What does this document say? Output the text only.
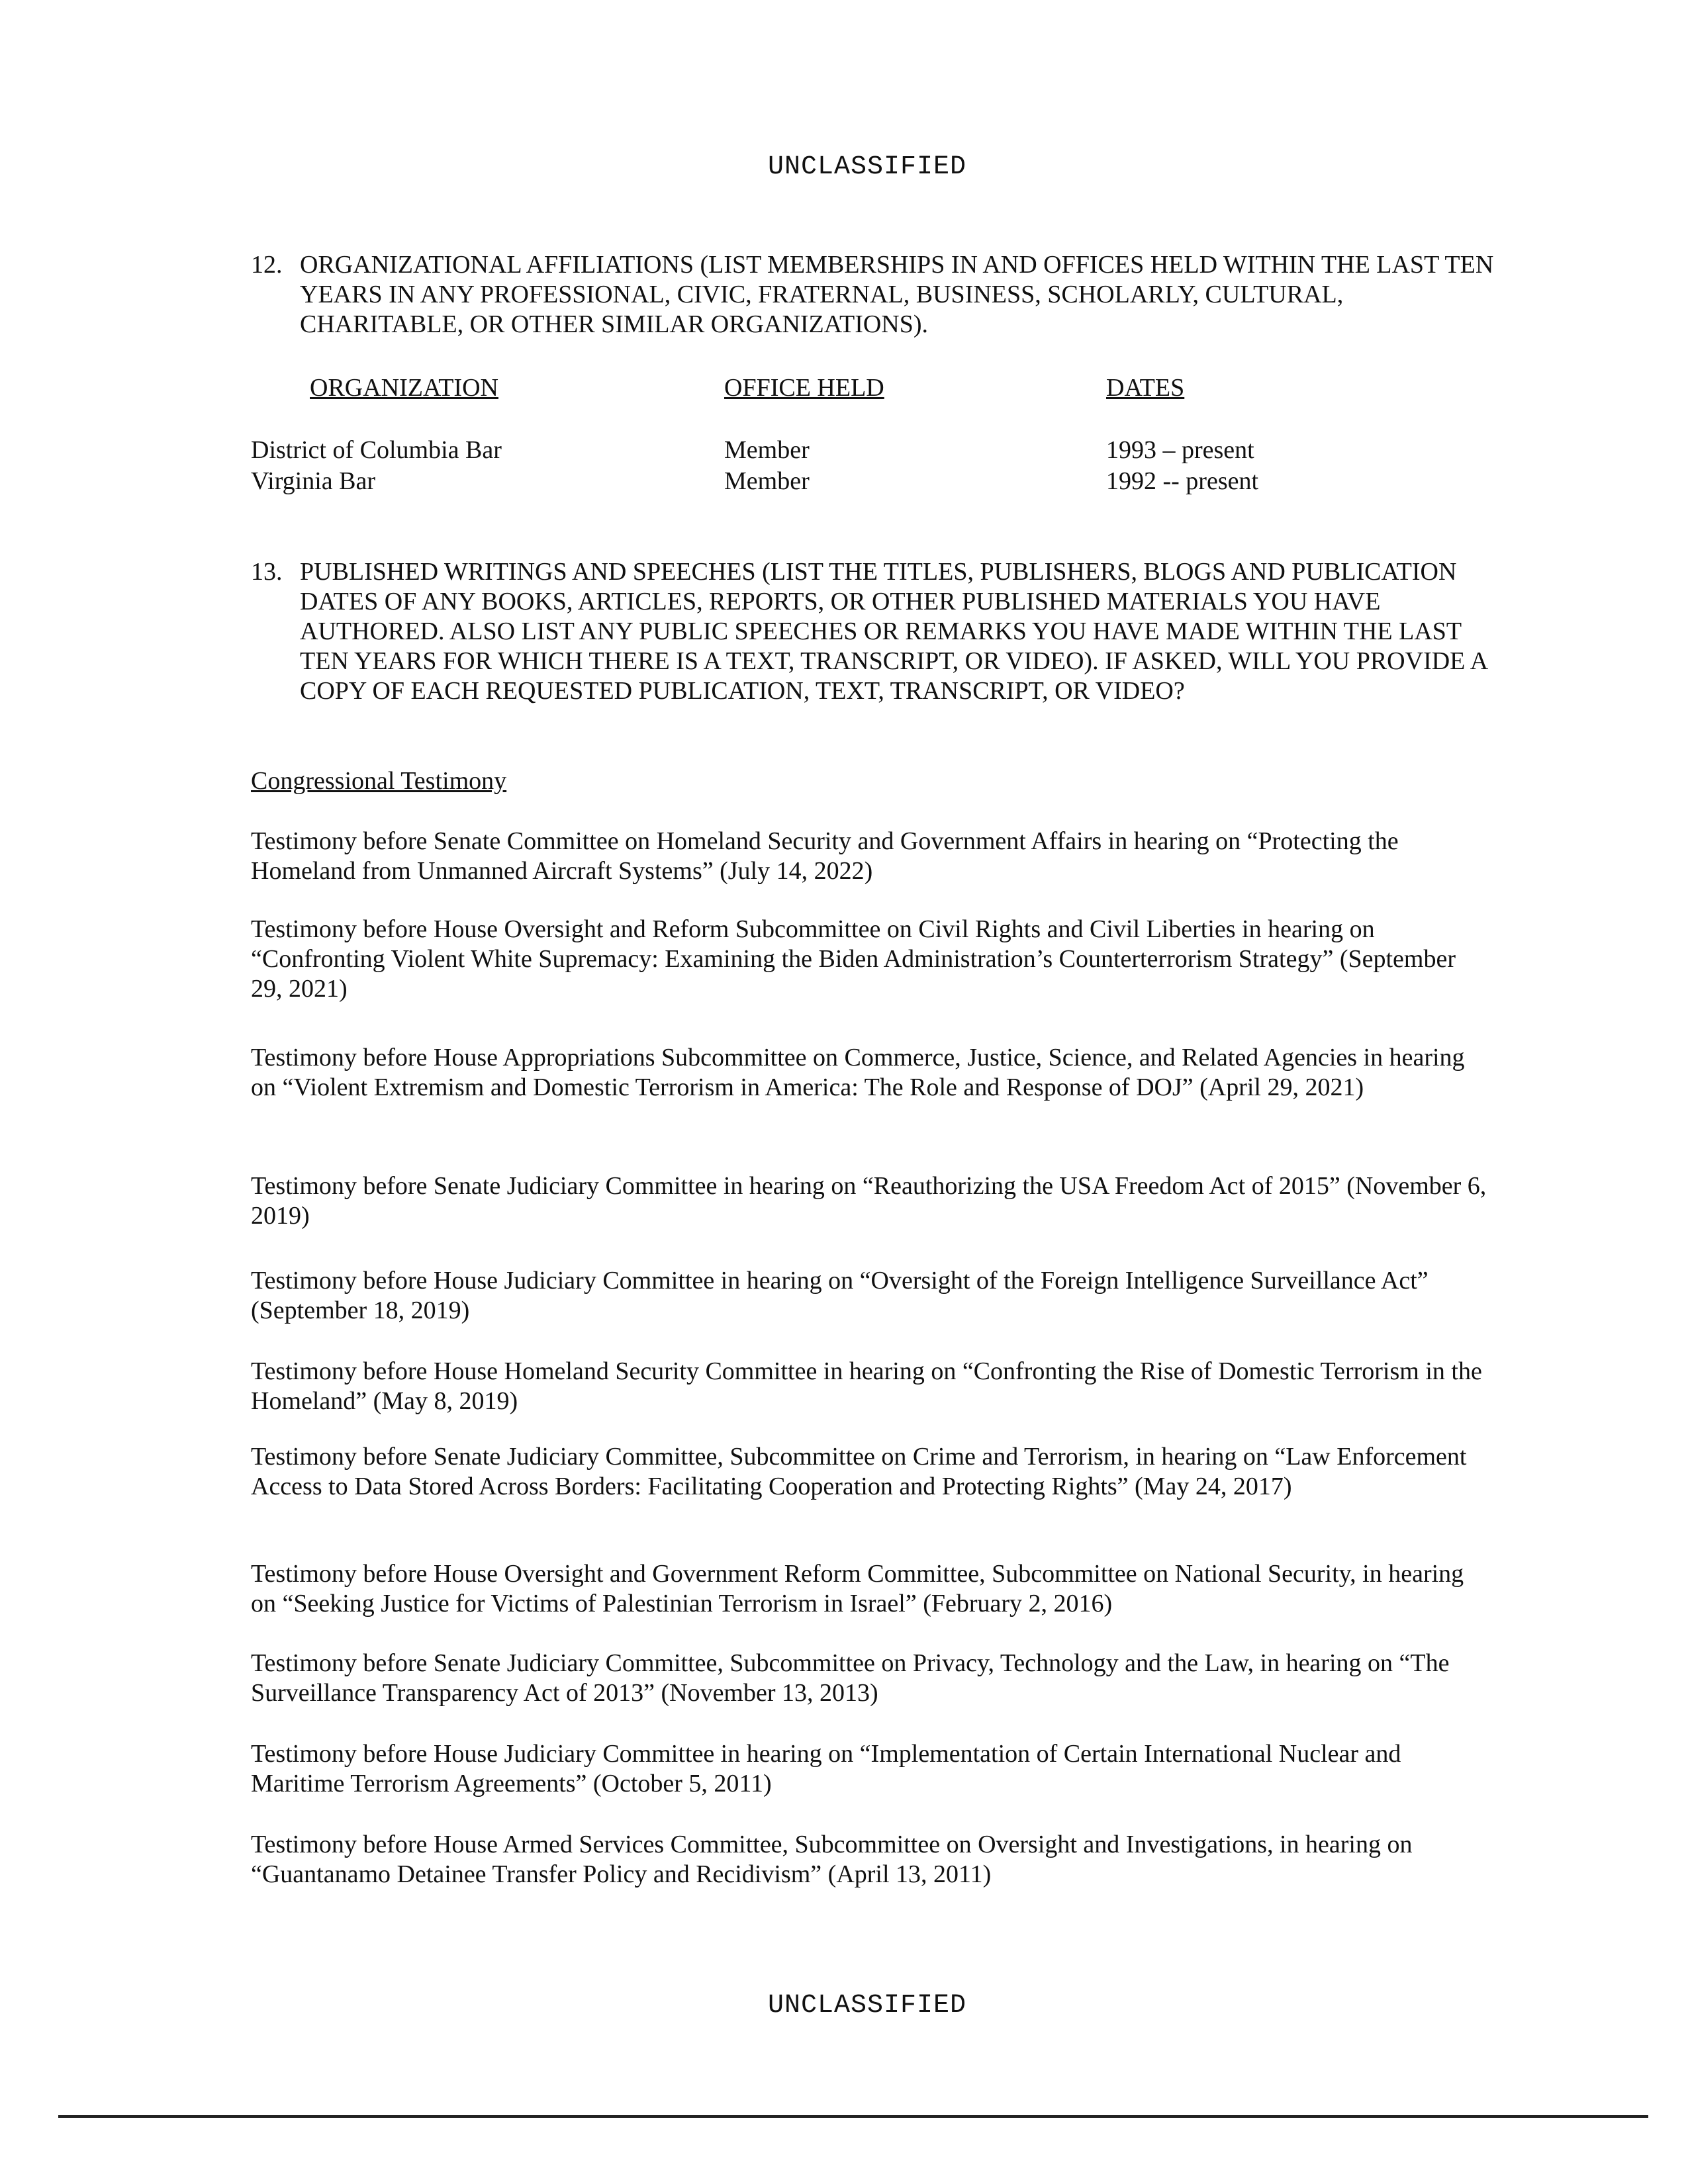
UNCLASSIFIED
12. ORGANIZATIONAL AFFILIATIONS (LIST MEMBERSHIPS IN AND OFFICES HELD WITHIN THE LAST TEN YEARS IN ANY PROFESSIONAL, CIVIC, FRATERNAL, BUSINESS, SCHOLARLY, CULTURAL, CHARITABLE, OR OTHER SIMILAR ORGANIZATIONS).
ORGANIZATION	OFFICE HELD	DATES
District of Columbia Bar	Member	1993 – present
Virginia Bar	Member	1992 -- present
13. PUBLISHED WRITINGS AND SPEECHES (LIST THE TITLES, PUBLISHERS, BLOGS AND PUBLICATION DATES OF ANY BOOKS, ARTICLES, REPORTS, OR OTHER PUBLISHED MATERIALS YOU HAVE AUTHORED. ALSO LIST ANY PUBLIC SPEECHES OR REMARKS YOU HAVE MADE WITHIN THE LAST TEN YEARS FOR WHICH THERE IS A TEXT, TRANSCRIPT, OR VIDEO). IF ASKED, WILL YOU PROVIDE A COPY OF EACH REQUESTED PUBLICATION, TEXT, TRANSCRIPT, OR VIDEO?
Congressional Testimony
Testimony before Senate Committee on Homeland Security and Government Affairs in hearing on “Protecting the Homeland from Unmanned Aircraft Systems” (July 14, 2022)
Testimony before House Oversight and Reform Subcommittee on Civil Rights and Civil Liberties in hearing on “Confronting Violent White Supremacy: Examining the Biden Administration’s Counterterrorism Strategy” (September 29, 2021)
Testimony before House Appropriations Subcommittee on Commerce, Justice, Science, and Related Agencies in hearing on “Violent Extremism and Domestic Terrorism in America: The Role and Response of DOJ” (April 29, 2021)
Testimony before Senate Judiciary Committee in hearing on “Reauthorizing the USA Freedom Act of 2015” (November 6, 2019)
Testimony before House Judiciary Committee in hearing on “Oversight of the Foreign Intelligence Surveillance Act” (September 18, 2019)
Testimony before House Homeland Security Committee in hearing on “Confronting the Rise of Domestic Terrorism in the Homeland” (May 8, 2019)
Testimony before Senate Judiciary Committee, Subcommittee on Crime and Terrorism, in hearing on “Law Enforcement Access to Data Stored Across Borders: Facilitating Cooperation and Protecting Rights” (May 24, 2017)
Testimony before House Oversight and Government Reform Committee, Subcommittee on National Security, in hearing on “Seeking Justice for Victims of Palestinian Terrorism in Israel” (February 2, 2016)
Testimony before Senate Judiciary Committee, Subcommittee on Privacy, Technology and the Law, in hearing on “The Surveillance Transparency Act of 2013” (November 13, 2013)
Testimony before House Judiciary Committee in hearing on “Implementation of Certain International Nuclear and Maritime Terrorism Agreements” (October 5, 2011)
Testimony before House Armed Services Committee, Subcommittee on Oversight and Investigations, in hearing on “Guantanamo Detainee Transfer Policy and Recidivism” (April 13, 2011)
UNCLASSIFIED
